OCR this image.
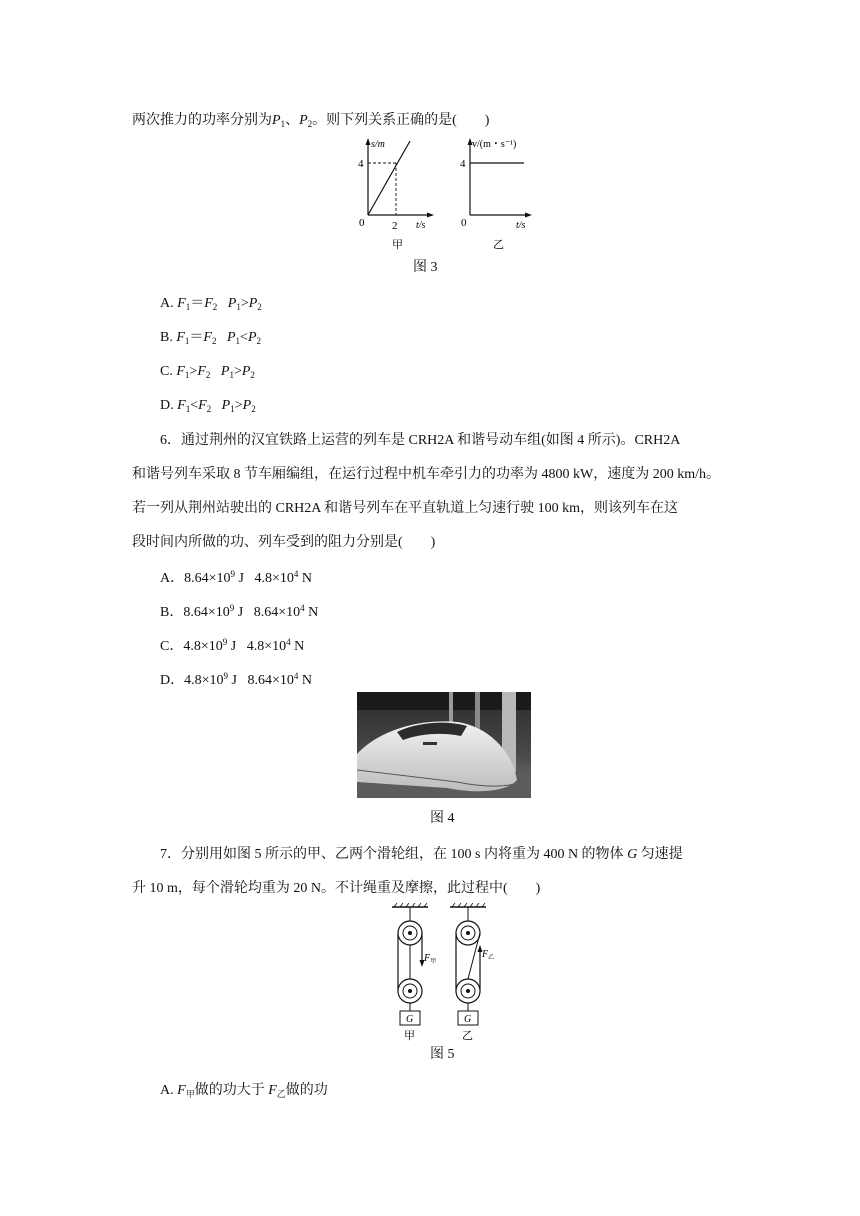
两次推力的功率分别为$P_1$、$P_2$。则下列关系正确的是(　　)
s/m
4
0	2 t/s
甲
v/(m・s⁻¹)
4
0	t/s
乙
图 3
A. $F_1=F_2$ $P_1>P_2$
B. $F_1=F_2$ $P_1<P_2$
C. $F_1>F_2$ $P_1>P_2$
D. $F_1<F_2$ $P_1>P_2$
6．通过荆州的汉宜铁路上运营的列车是 CRH2A 和谐号动车组(如图 4 所示)。CRH2A
和谐号列车采取 8 节车厢编组，在运行过程中机车牵引力的功率为 4800 kW，速度为 200 km/h。
若一列从荆州站驶出的 CRH2A 和谐号列车在平直轨道上匀速行驶 100 km，则该列车在这
段时间内所做的功、列车受到的阻力分别是(　　)
A．$8.64\times 10^9$ J $4.8\times 10^4$ N
B．$8.64\times 10^9$ J $8.64\times 10^4$ N
C．$4.8\times 10^9$ J $4.8\times 10^4$ N
D．$4.8\times 10^9$ J $8.64\times 10^4$ N
图 4
7．分别用如图 5 所示的甲、乙两个滑轮组，在 100 s 内将重为 400 N 的物体 G 匀速提
升 10 m，每个滑轮均重为 20 N。不计绳重及摩擦，此过程中(　　)
G
$F_甲$
甲
G
$F_乙$
乙
图 5
A. $F_甲$做的功大于 $F_乙$做的功
